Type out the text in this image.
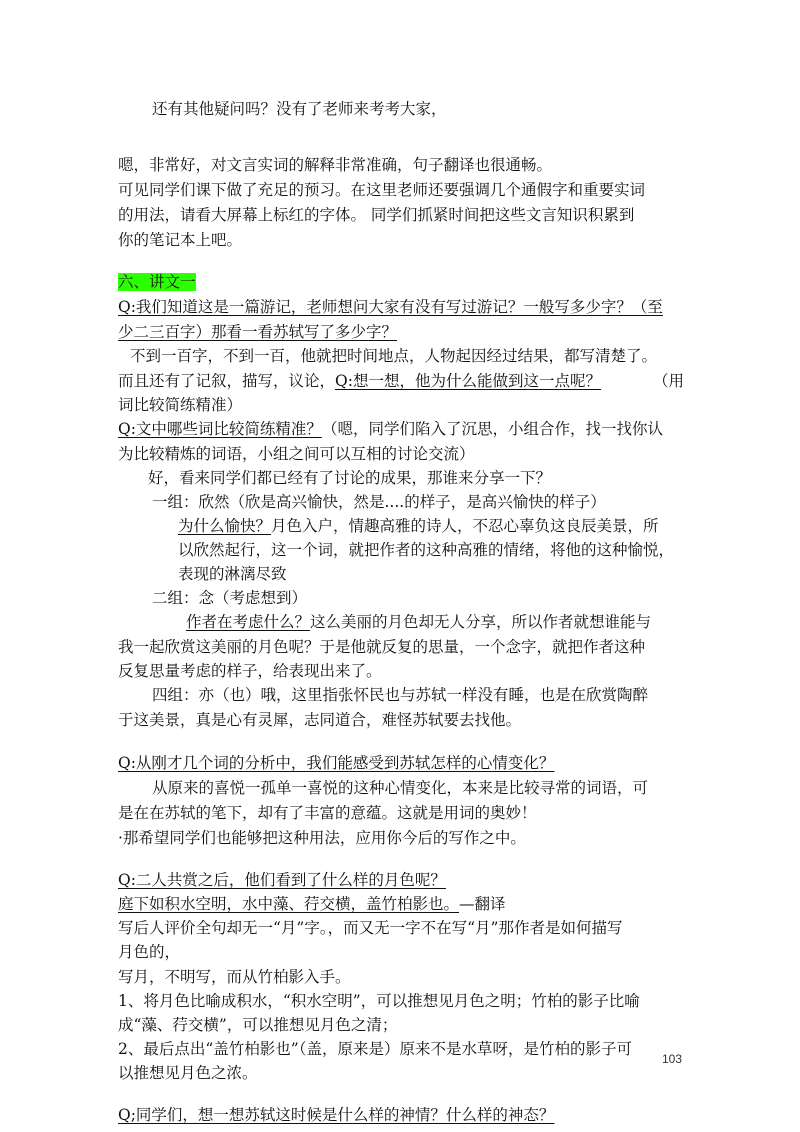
还有其他疑问吗？没有了老师来考考大家，
嗯，非常好，对文言实词的解释非常准确，句子翻译也很通畅。
可见同学们课下做了充足的预习。在这里老师还要强调几个通假字和重要实词
的用法，请看大屏幕上标红的字体。 同学们抓紧时间把这些文言知识积累到
你的笔记本上吧。
六、讲文一
Q:我们知道这是一篇游记，老师想问大家有没有写过游记？一般写多少字？（至
少二三百字）那看一看苏轼写了多少字？
不到一百字，不到一百，他就把时间地点，人物起因经过结果，都写清楚了。
而且还有了记叙，描写，议论，Q:想一想，他为什么能做到这一点呢？	（用
词比较简练精准）
Q:文中哪些词比较简练精准？（嗯，同学们陷入了沉思，小组合作，找一找你认
为比较精炼的词语，小组之间可以互相的讨论交流）
好，看来同学们都已经有了讨论的成果，那谁来分享一下？
一组：欣然（欣是高兴愉快，然是....的样子，是高兴愉快的样子）
为什么愉快？月色入户，情趣高雅的诗人，不忍心辜负这良辰美景，所
以欣然起行，这一个词，就把作者的这种高雅的情绪，将他的这种愉悦，
表现的淋漓尽致
二组：念（考虑想到）
作者在考虑什么？这么美丽的月色却无人分享，所以作者就想谁能与
我一起欣赏这美丽的月色呢？于是他就反复的思量，一个念字，就把作者这种
反复思量考虑的样子，给表现出来了。
四组：亦（也）哦，这里指张怀民也与苏轼一样没有睡，也是在欣赏陶醉
于这美景，真是心有灵犀，志同道合，难怪苏轼要去找他。
Q:从刚才几个词的分析中，我们能感受到苏轼怎样的心情变化？
从原来的喜悦一孤单一喜悦的这种心情变化，本来是比较寻常的词语，可
是在在苏轼的笔下，却有了丰富的意蕴。这就是用词的奥妙！
·那希望同学们也能够把这种用法，应用你今后的写作之中。
Q:二人共赏之后，他们看到了什么样的月色呢？
庭下如积水空明，水中藻、荇交横，盖竹柏影也。—翻译
写后人评价全句却无一“月”字。，而又无一字不在写“月”那作者是如何描写
月色的，
写月，不明写，而从竹柏影入手。
1、将月色比喻成积水，“积水空明”，可以推想见月色之明；竹柏的影子比喻
成“藻、荇交横”，可以推想见月色之清；
2、最后点出“盖竹柏影也”（盖，原来是）原来不是水草呀，是竹柏的影子可
以推想见月色之浓。
Q;同学们，想一想苏轼这时候是什么样的神情？什么样的神态？
103
